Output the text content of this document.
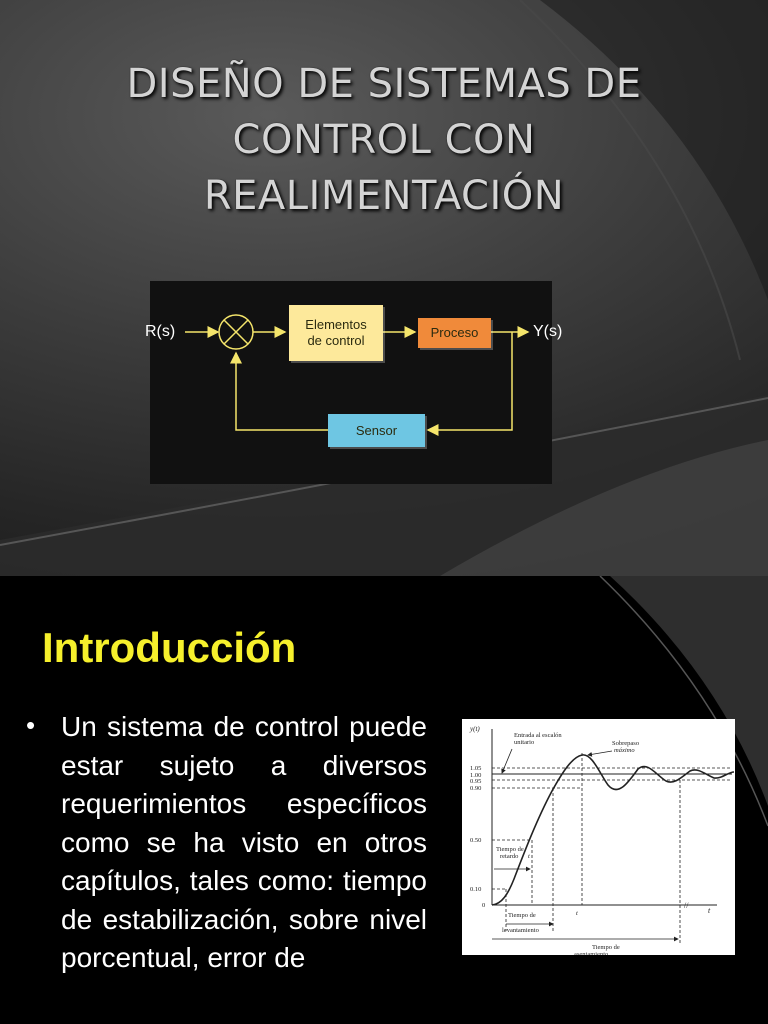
DISEÑO DE SISTEMAS DE
CONTROL CON
REALIMENTACIÓN
R(s)	Y(s)
Elementos
de control
Proceso
Sensor
Introducción
• Un sistema de control puede estar sujeto a diversos requerimientos específicos como se ha visto en otros capítulos, tales como: tiempo de estabilización, sobre nivel porcentual, error de

y(t)
Entrada al escalón
unitario	Sobrepaso
máximo
1.05
1.00
0.95
0.90
0.50
0.10
0
Tiempo de
retardo t
Tiempo de
levantamiento
t
Tiempo de
asentamiento
t
//
